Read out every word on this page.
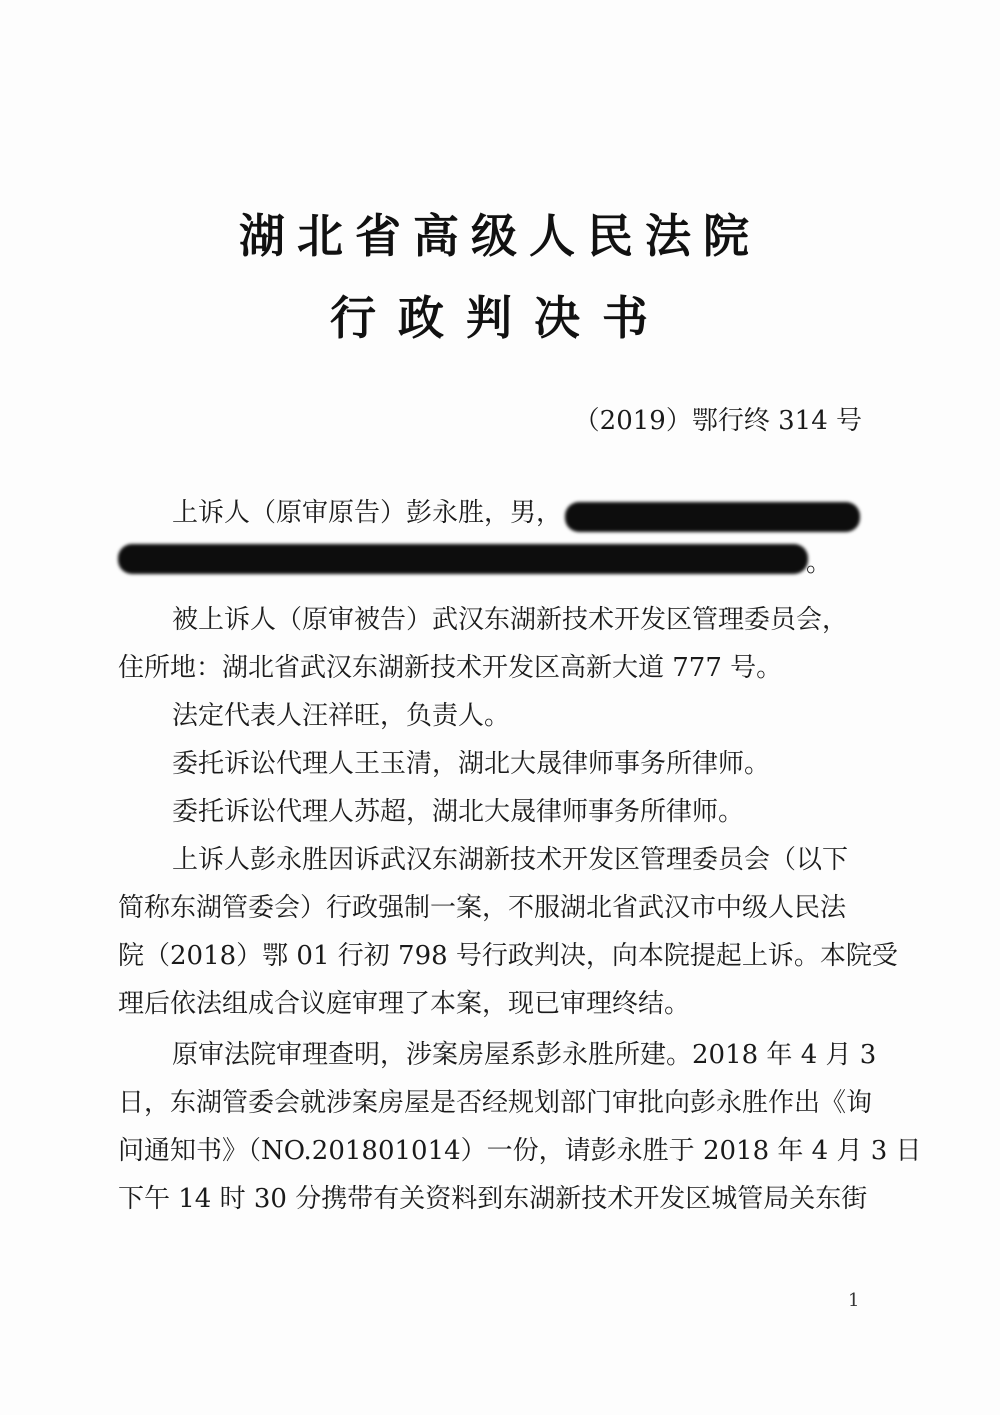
湖北省高级人民法院
行政判决书
（2019）鄂行终 314 号
上诉人（原审原告）彭永胜，男，
。
被上诉人（原审被告）武汉东湖新技术开发区管理委员会，
住所地：湖北省武汉东湖新技术开发区高新大道 777 号。
法定代表人汪祥旺，负责人。
委托诉讼代理人王玉清，湖北大晟律师事务所律师。
委托诉讼代理人苏超，湖北大晟律师事务所律师。
上诉人彭永胜因诉武汉东湖新技术开发区管理委员会（以下
简称东湖管委会）行政强制一案，不服湖北省武汉市中级人民法
院（2018）鄂 01 行初 798 号行政判决，向本院提起上诉。本院受
理后依法组成合议庭审理了本案，现已审理终结。
原审法院审理查明，涉案房屋系彭永胜所建。2018 年 4 月 3
日，东湖管委会就涉案房屋是否经规划部门审批向彭永胜作出《询
问通知书》（NO.201801014）一份，请彭永胜于 2018 年 4 月 3 日
下午 14 时 30 分携带有关资料到东湖新技术开发区城管局关东街
1
